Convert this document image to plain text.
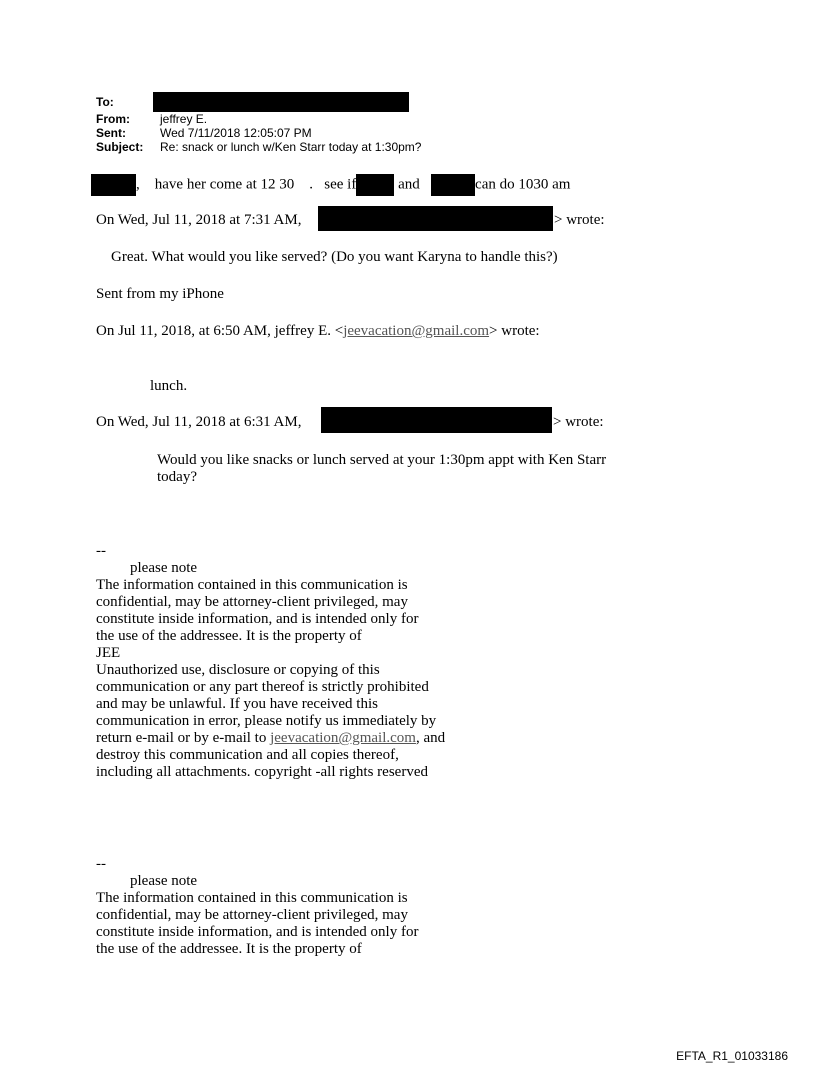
To:
From:	jeffrey E.
Sent:	Wed 7/11/2018 12:05:07 PM
Subject: Re: snack or lunch w/Ken Starr today at 1:30pm?
, have her come at 12 30 . see if	and	can do 1030 am
On Wed, Jul 11, 2018 at 7:31 AM,	> wrote:
Great. What would you like served? (Do you want Karyna to handle this?)
Sent from my iPhone
On Jul 11, 2018, at 6:50 AM, jeffrey E. <jeevacation@gmail.com> wrote:
lunch.
On Wed, Jul 11, 2018 at 6:31 AM,	> wrote:
Would you like snacks or lunch served at your 1:30pm appt with Ken Starr
today?
--
please note
The information contained in this communication is
confidential, may be attorney-client privileged, may
constitute inside information, and is intended only for
the use of the addressee. It is the property of
JEE
Unauthorized use, disclosure or copying of this
communication or any part thereof is strictly prohibited
and may be unlawful. If you have received this
communication in error, please notify us immediately by
return e-mail or by e-mail to jeevacation@gmail.com, and
destroy this communication and all copies thereof,
including all attachments. copyright -all rights reserved
--
please note
The information contained in this communication is
confidential, may be attorney-client privileged, may
constitute inside information, and is intended only for
the use of the addressee. It is the property of
EFTA_R1_01033186
